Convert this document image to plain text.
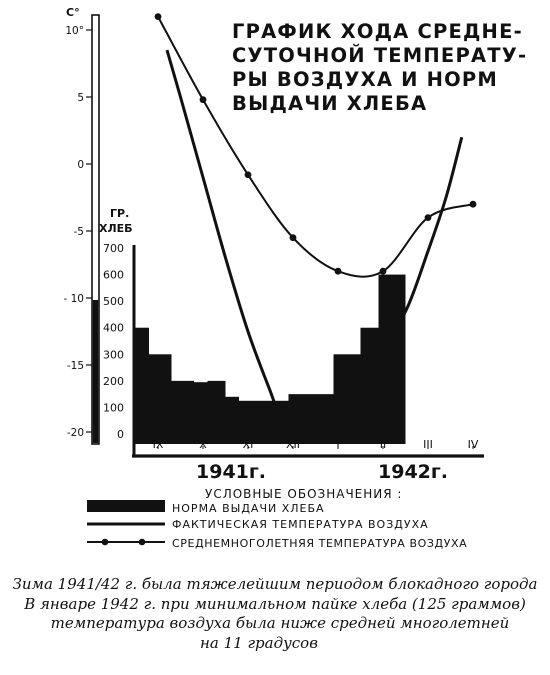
С°
10°
5
0
-5
- 10
-15
-20
ГР.
ХЛЕБ
700
600
500
400
300
200
100
0
IX	X	XI	XII	I	II	III	IV
1941г.	1942г.
УСЛОВНЫЕ ОБОЗНАЧЕНИЯ :
НОРМА ВЫДАЧИ ХЛЕБА
ФАКТИЧЕСКАЯ ТЕМПЕРАТУРА ВОЗДУХА
СРЕДНЕМНОГОЛЕТНЯЯ ТЕМПЕРАТУРА ВОЗДУХА
ГРАФИК ХОДА СРЕДНЕ-
СУТОЧНОЙ ТЕМПЕРАТУ-
РЫ ВОЗДУХА И НОРМ
ВЫДАЧИ ХЛЕБА
Зима 1941/42 г. была тяжелейшим периодом блокадного города
В январе 1942 г. при минимальном пайке хлеба (125 граммов)
температура воздуха была ниже средней многолетней
на 11 градусов
